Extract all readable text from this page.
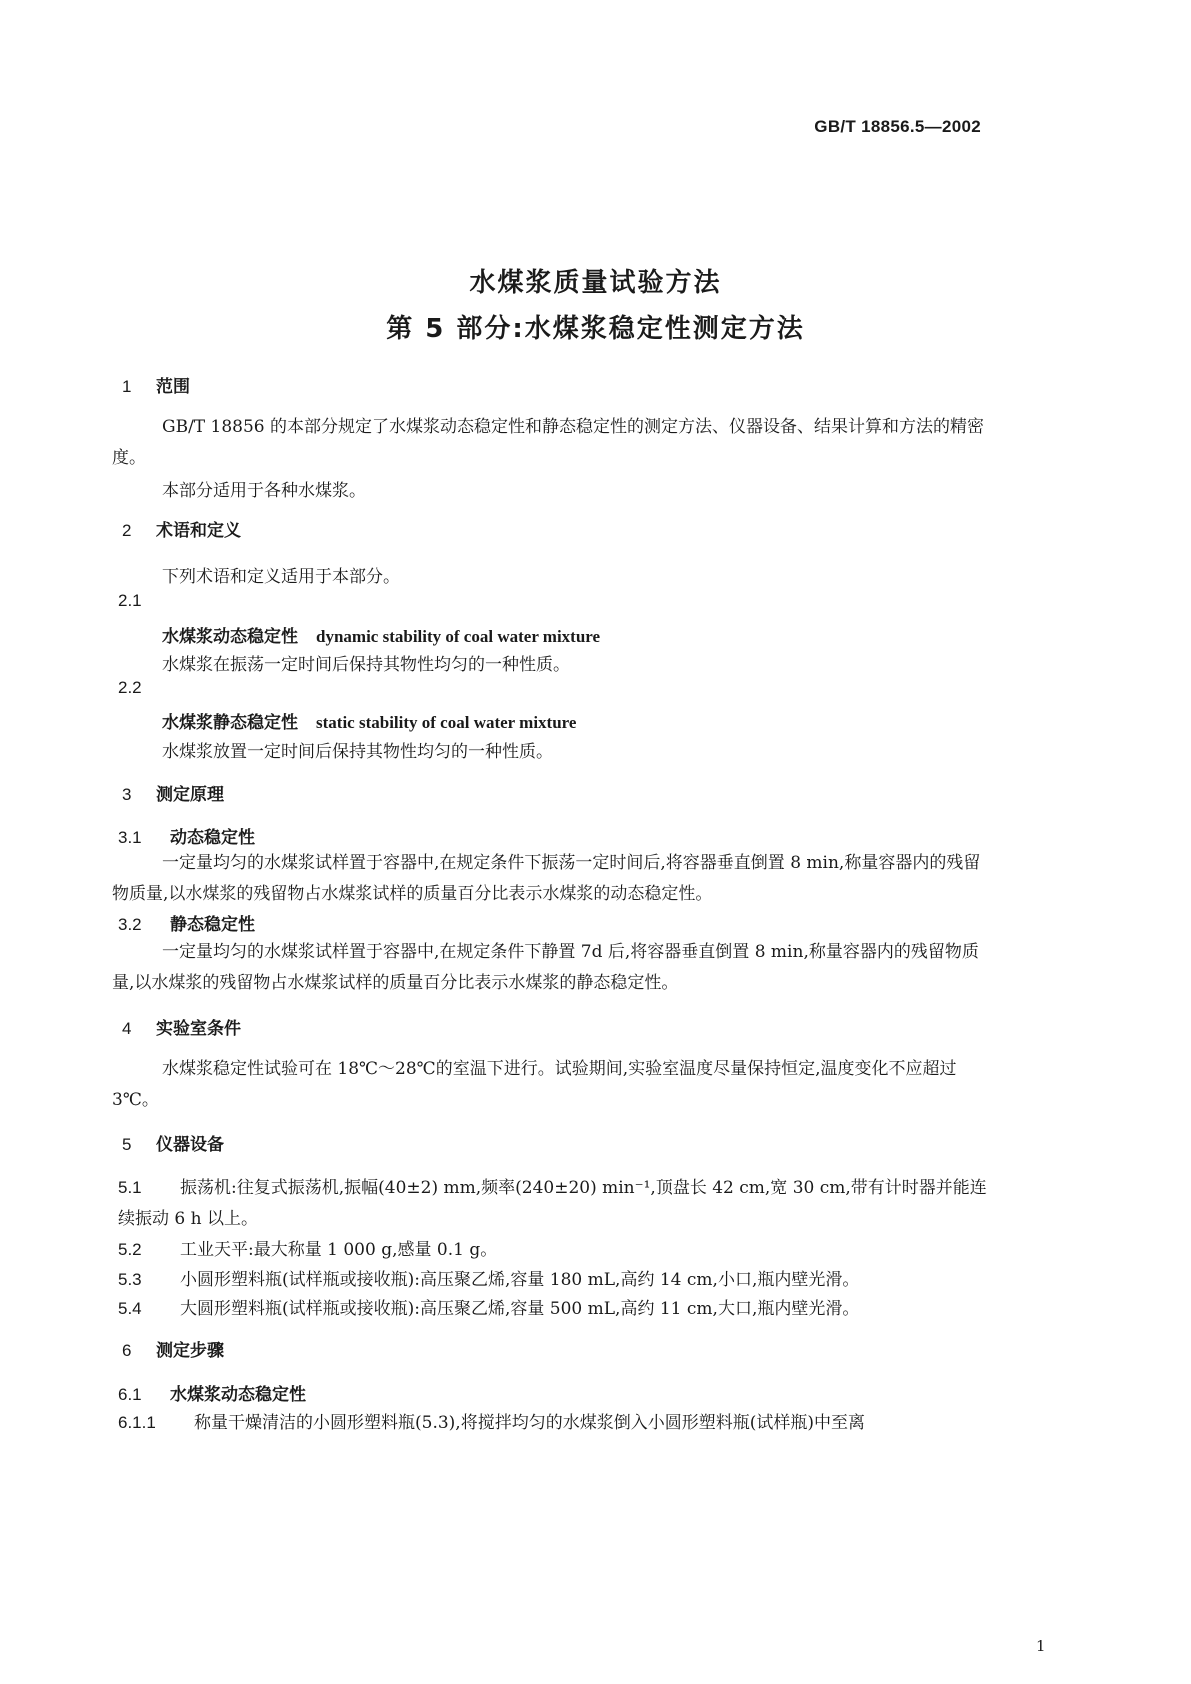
GB/T 18856.5—2002
水煤浆质量试验方法
第 5 部分:水煤浆稳定性测定方法
1 范围
GB/T 18856 的本部分规定了水煤浆动态稳定性和静态稳定性的测定方法、仪器设备、结果计算和方法的精密度。
本部分适用于各种水煤浆。
2 术语和定义
下列术语和定义适用于本部分。
2.1
水煤浆动态稳定性 dynamic stability of coal water mixture
水煤浆在振荡一定时间后保持其物性均匀的一种性质。
2.2
水煤浆静态稳定性 static stability of coal water mixture
水煤浆放置一定时间后保持其物性均匀的一种性质。
3 测定原理
3.1 动态稳定性
一定量均匀的水煤浆试样置于容器中,在规定条件下振荡一定时间后,将容器垂直倒置 8 min,称量容器内的残留物质量,以水煤浆的残留物占水煤浆试样的质量百分比表示水煤浆的动态稳定性。
3.2 静态稳定性
一定量均匀的水煤浆试样置于容器中,在规定条件下静置 7d 后,将容器垂直倒置 8 min,称量容器内的残留物质量,以水煤浆的残留物占水煤浆试样的质量百分比表示水煤浆的静态稳定性。
4 实验室条件
水煤浆稳定性试验可在 18℃～28℃的室温下进行。试验期间,实验室温度尽量保持恒定,温度变化不应超过 3℃。
5 仪器设备
5.1 振荡机:往复式振荡机,振幅(40±2) mm,频率(240±20) min⁻¹,顶盘长 42 cm,宽 30 cm,带有计时器并能连续振动 6 h 以上。
5.2 工业天平:最大称量 1 000 g,感量 0.1 g。
5.3 小圆形塑料瓶(试样瓶或接收瓶):高压聚乙烯,容量 180 mL,高约 14 cm,小口,瓶内壁光滑。
5.4 大圆形塑料瓶(试样瓶或接收瓶):高压聚乙烯,容量 500 mL,高约 11 cm,大口,瓶内壁光滑。
6 测定步骤
6.1 水煤浆动态稳定性
6.1.1 称量干燥清洁的小圆形塑料瓶(5.3),将搅拌均匀的水煤浆倒入小圆形塑料瓶(试样瓶)中至离
1
